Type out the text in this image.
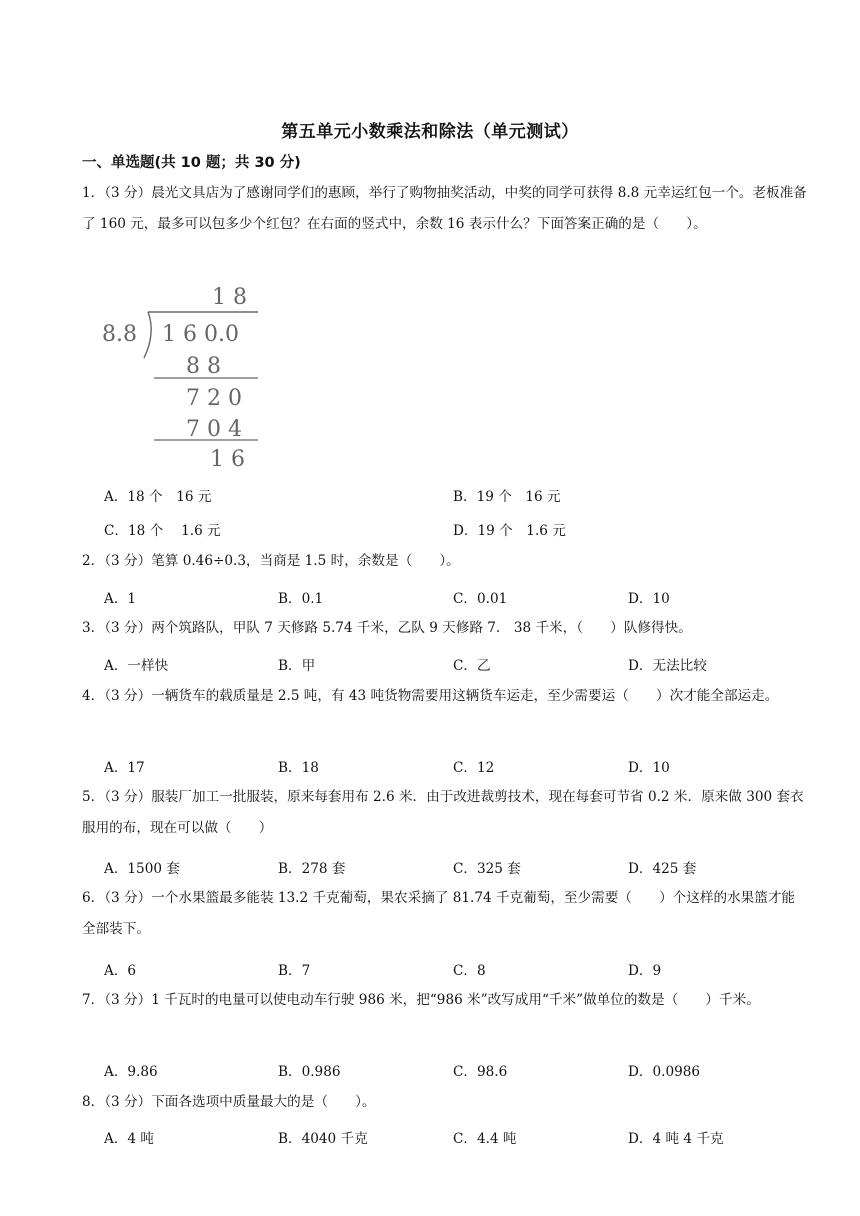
第五单元小数乘法和除法（单元测试）
一、单选题(共 10 题；共 30 分)
1．（3 分）晨光文具店为了感谢同学们的惠顾，举行了购物抽奖活动，中奖的同学可获得 8.8 元幸运红包一个。老板准备了 160 元，最多可以包多少个红包？在右面的竖式中，余数 16 表示什么？下面答案正确的是（　　）。
1 8
8.8 1 6 0.0
8 8
7 2 0
7 0 4
1 6
A．18 个　16 元	B．19 个　16 元
C．18 个　 1.6 元	D．19 个　1.6 元
2．（3 分）笔算 0.46÷0.3，当商是 1.5 时，余数是（　　）。
A．1	B．0.1	C．0.01	D．10
3．（3 分）两个筑路队，甲队 7 天修路 5.74 千米，乙队 9 天修路 7.　38 千米，（　　）队修得快。
A．一样快	B．甲	C．乙	D．无法比较
4．（3 分）一辆货车的载质量是 2.5 吨，有 43 吨货物需要用这辆货车运走，至少需要运（　　）次才能全部运走。
A．17	B．18	C．12	D．10
5．（3 分）服装厂加工一批服装，原来每套用布 2.6 米．由于改进裁剪技术，现在每套可节省 0.2 米．原来做 300 套衣服用的布，现在可以做（　　）
A．1500 套	B．278 套	C．325 套	D．425 套
6．（3 分）一个水果篮最多能装 13.2 千克葡萄，果农采摘了 81.74 千克葡萄，至少需要（　　）个这样的水果篮才能全部装下。
A．6	B．7	C．8	D．9
7．（3 分）1 千瓦时的电量可以使电动车行驶 986 米，把“986 米”改写成用“千米”做单位的数是（　　）千米。
A．9.86	B．0.986	C．98.6	D．0.0986
8．（3 分）下面各选项中质量最大的是（　　）。
A．4 吨	B．4040 千克	C．4.4 吨	D．4 吨 4 千克
